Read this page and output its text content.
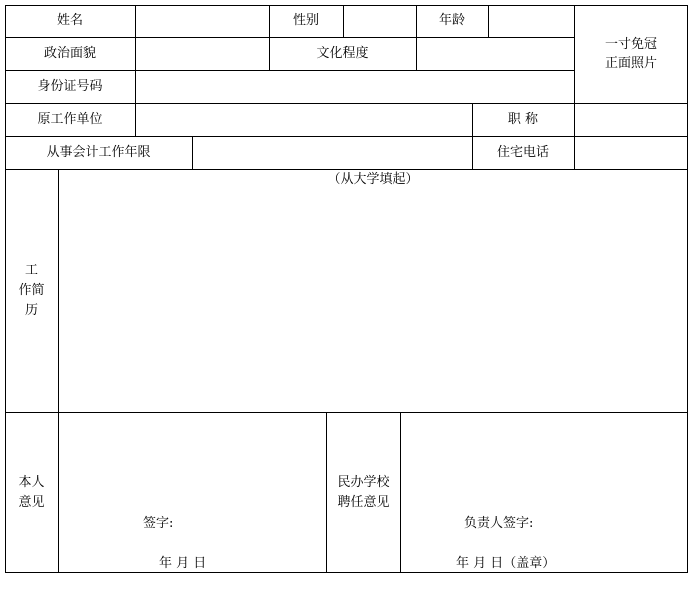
姓名	性别	年龄
一寸免冠
正面照片
政治面貌	文化程度
身份证号码
原工作单位	职 称
从事会计工作年限	住宅电话
工
作简
历
（从大学填起）
本人
意见
签字:
年 月 日
民办学校
聘任意见
负责人签字:
年 月 日（盖章）
